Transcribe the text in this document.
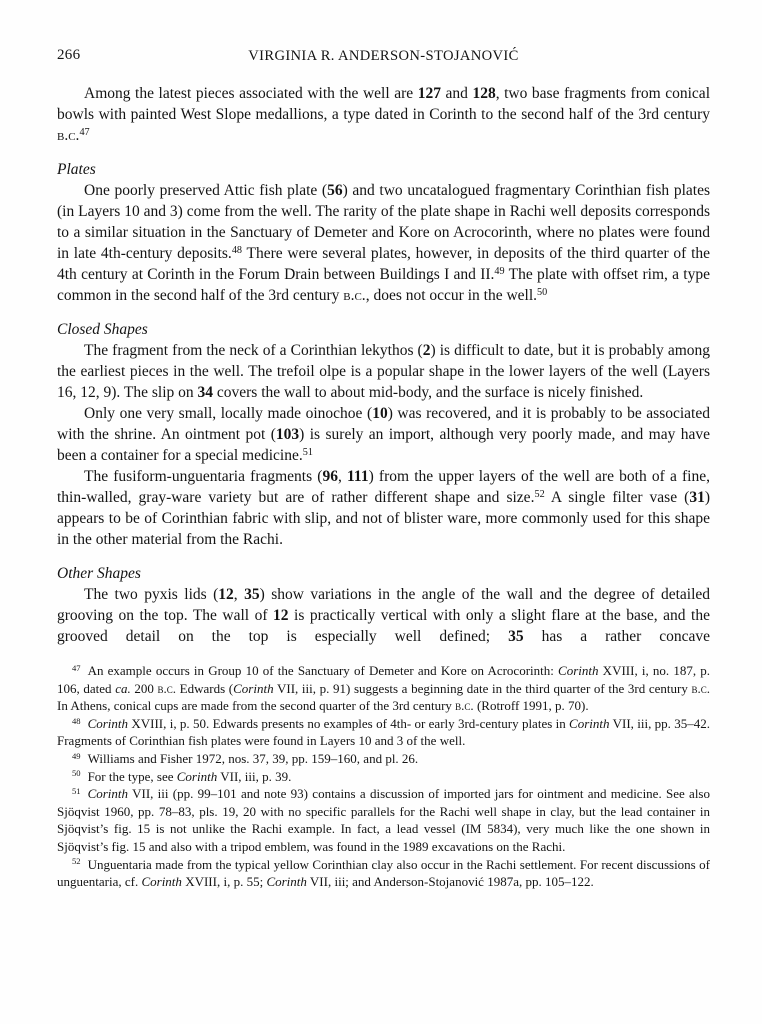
266	VIRGINIA R. ANDERSON-STOJANOVIĆ

Among the latest pieces associated with the well are 127 and 128, two base fragments from conical bowls with painted West Slope medallions, a type dated in Corinth to the second half of the 3rd century b.c.$^{47}$

Plates

One poorly preserved Attic fish plate (56) and two uncatalogued fragmentary Corinthian fish plates (in Layers 10 and 3) come from the well. The rarity of the plate shape in Rachi well deposits corresponds to a similar situation in the Sanctuary of Demeter and Kore on Acrocorinth, where no plates were found in late 4th-century deposits.$^{48}$ There were several plates, however, in deposits of the third quarter of the 4th century at Corinth in the Forum Drain between Buildings I and II.$^{49}$ The plate with offset rim, a type common in the second half of the 3rd century b.c., does not occur in the well.$^{50}$

Closed Shapes

The fragment from the neck of a Corinthian lekythos (2) is difficult to date, but it is probably among the earliest pieces in the well. The trefoil olpe is a popular shape in the lower layers of the well (Layers 16, 12, 9). The slip on 34 covers the wall to about mid-body, and the surface is nicely finished.

Only one very small, locally made oinochoe (10) was recovered, and it is probably to be associated with the shrine. An ointment pot (103) is surely an import, although very poorly made, and may have been a container for a special medicine.$^{51}$

The fusiform-unguentaria fragments (96, 111) from the upper layers of the well are both of a fine, thin-walled, gray-ware variety but are of rather different shape and size.$^{52}$ A single filter vase (31) appears to be of Corinthian fabric with slip, and not of blister ware, more commonly used for this shape in the other material from the Rachi.

Other Shapes

The two pyxis lids (12, 35) show variations in the angle of the wall and the degree of detailed grooving on the top. The wall of 12 is practically vertical with only a slight flare at the base, and the grooved detail on the top is especially well defined; 35 has a rather concave

$^{47}$ An example occurs in Group 10 of the Sanctuary of Demeter and Kore on Acrocorinth: Corinth XVIII, i, no. 187, p. 106, dated ca. 200 b.c. Edwards (Corinth VII, iii, p. 91) suggests a beginning date in the third quarter of the 3rd century b.c. In Athens, conical cups are made from the second quarter of the 3rd century b.c. (Rotroff 1991, p. 70).

$^{48}$ Corinth XVIII, i, p. 50. Edwards presents no examples of 4th- or early 3rd-century plates in Corinth VII, iii, pp. 35–42. Fragments of Corinthian fish plates were found in Layers 10 and 3 of the well.

$^{49}$ Williams and Fisher 1972, nos. 37, 39, pp. 159–160, and pl. 26.

$^{50}$ For the type, see Corinth VII, iii, p. 39.

$^{51}$ Corinth VII, iii (pp. 99–101 and note 93) contains a discussion of imported jars for ointment and medicine. See also Sjöqvist 1960, pp. 78–83, pls. 19, 20 with no specific parallels for the Rachi well shape in clay, but the lead container in Sjöqvist’s fig. 15 is not unlike the Rachi example. In fact, a lead vessel (IM 5834), very much like the one shown in Sjöqvist’s fig. 15 and also with a tripod emblem, was found in the 1989 excavations on the Rachi.

$^{52}$ Unguentaria made from the typical yellow Corinthian clay also occur in the Rachi settlement. For recent discussions of unguentaria, cf. Corinth XVIII, i, p. 55; Corinth VII, iii; and Anderson-Stojanović 1987a, pp. 105–122.
